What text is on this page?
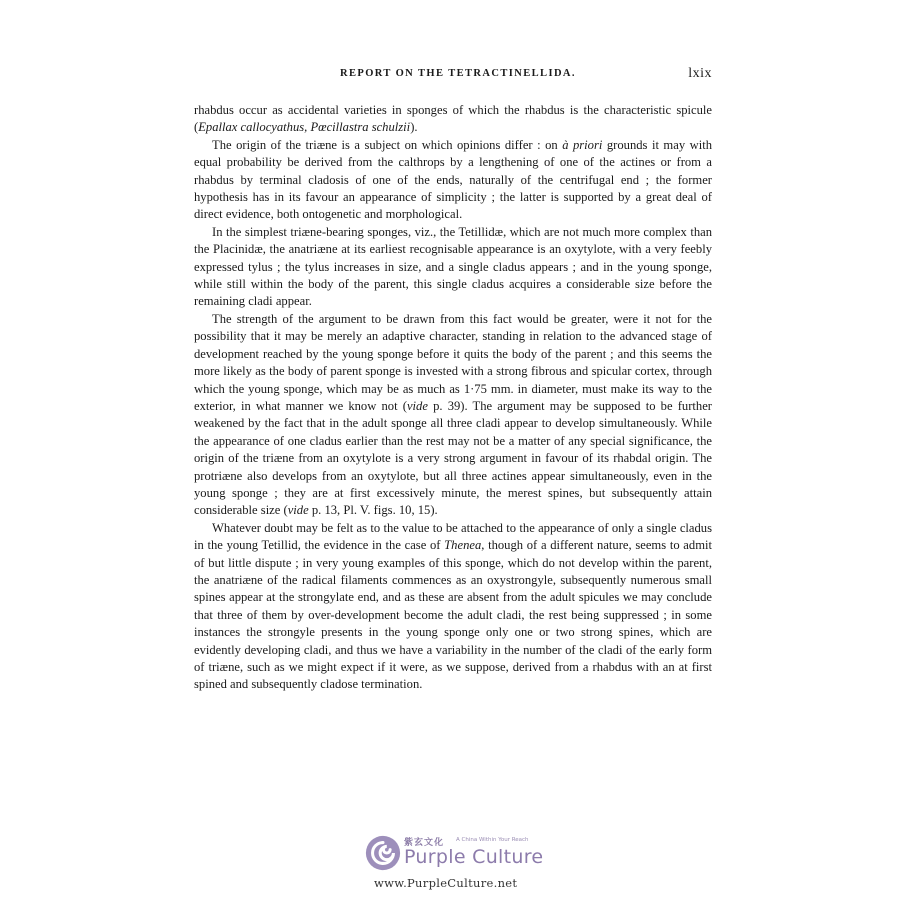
REPORT ON THE TETRACTINELLIDA.	lxix

rhabdus occur as accidental varieties in sponges of which the rhabdus is the characteristic spicule (Epallax callocyathus, Pœcillastra schulzii).

The origin of the triæne is a subject on which opinions differ : on à priori grounds it may with equal probability be derived from the calthrops by a lengthening of one of the actines or from a rhabdus by terminal cladosis of one of the ends, naturally of the centrifugal end ; the former hypothesis has in its favour an appearance of simplicity ; the latter is supported by a great deal of direct evidence, both ontogenetic and morphological.

In the simplest triæne-bearing sponges, viz., the Tetillidæ, which are not much more complex than the Placinidæ, the anatriæne at its earliest recognisable appearance is an oxytylote, with a very feebly expressed tylus ; the tylus increases in size, and a single cladus appears ; and in the young sponge, while still within the body of the parent, this single cladus acquires a considerable size before the remaining cladi appear.

The strength of the argument to be drawn from this fact would be greater, were it not for the possibility that it may be merely an adaptive character, standing in relation to the advanced stage of development reached by the young sponge before it quits the body of the parent ; and this seems the more likely as the body of parent sponge is invested with a strong fibrous and spicular cortex, through which the young sponge, which may be as much as 1·75 mm. in diameter, must make its way to the exterior, in what manner we know not (vide p. 39). The argument may be supposed to be further weakened by the fact that in the adult sponge all three cladi appear to develop simultaneously. While the appearance of one cladus earlier than the rest may not be a matter of any special significance, the origin of the triæne from an oxytylote is a very strong argument in favour of its rhabdal origin. The protriæne also develops from an oxytylote, but all three actines appear simultaneously, even in the young sponge ; they are at first excessively minute, the merest spines, but subsequently attain considerable size (vide p. 13, Pl. V. figs. 10, 15).

Whatever doubt may be felt as to the value to be attached to the appearance of only a single cladus in the young Tetillid, the evidence in the case of Thenea, though of a different nature, seems to admit of but little dispute ; in very young examples of this sponge, which do not develop within the parent, the anatriæne of the radical filaments commences as an oxystrongyle, subsequently numerous small spines appear at the strongylate end, and as these are absent from the adult spicules we may conclude that three of them by over-development become the adult cladi, the rest being suppressed ; in some instances the strongyle presents in the young sponge only one or two strong spines, which are evidently developing cladi, and thus we have a variability in the number of the cladi of the early form of triæne, such as we might expect if it were, as we suppose, derived from a rhabdus with an at first spined and subsequently cladose termination.

紫玄文化 A China Within Your Reach
Purple Culture
www.PurpleCulture.net
